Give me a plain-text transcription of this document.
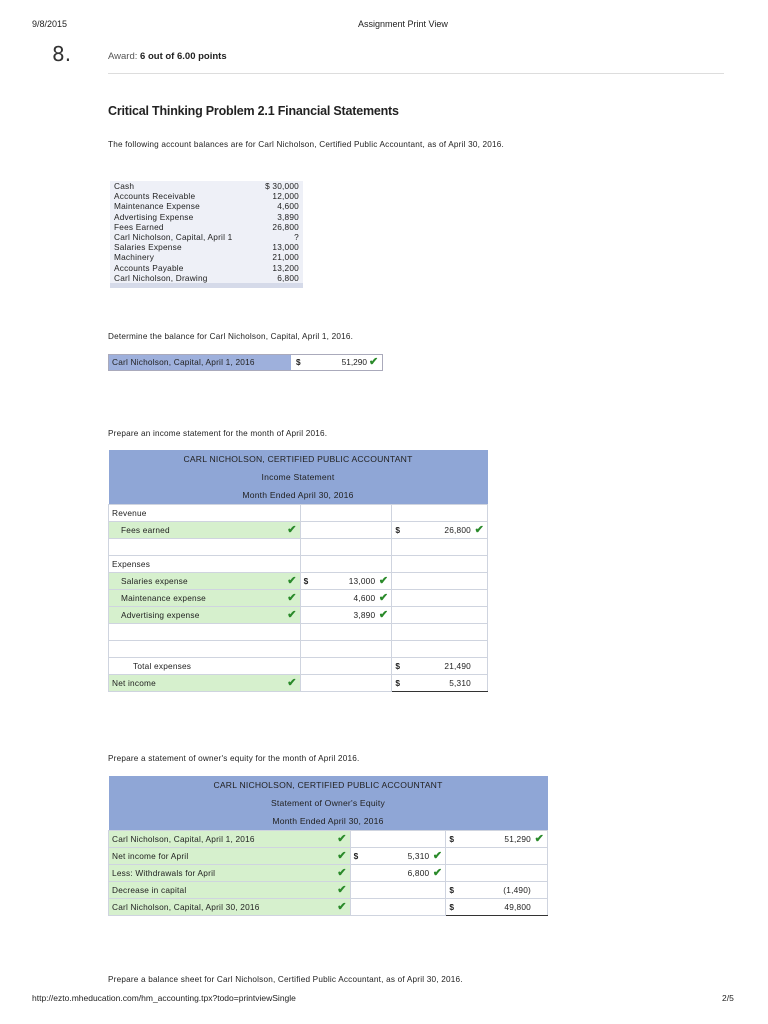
9/8/2015	Assignment Print View
8.	Award: 6 out of 6.00 points
Critical Thinking Problem 2.1 Financial Statements
The following account balances are for Carl Nicholson, Certified Public Accountant, as of April 30, 2016.
Cash	$ 30,000
Accounts Receivable	12,000
Maintenance Expense	4,600
Advertising Expense	3,890
Fees Earned	26,800
Carl Nicholson, Capital, April 1	?
Salaries Expense	13,000
Machinery	21,000
Accounts Payable	13,200
Carl Nicholson, Drawing	6,800
Determine the balance for Carl Nicholson, Capital, April 1, 2016.
Carl Nicholson, Capital, April 1, 2016	$	51,290 ✔
Prepare an income statement for the month of April 2016.
CARL NICHOLSON, CERTIFIED PUBLIC ACCOUNTANT		
Income Statement		
Month Ended April 30, 2016		
Revenue		
Fees earned ✔		$ 26,800 ✔

Expenses		
Salaries expense ✔	$ 13,000 ✔	

Maintenance expense ✔	4,600 ✔	

Advertising expense ✔	3,890 ✔	

Total expenses		$ 21,490

Net income ✔		$ 5,310
Prepare a statement of owner's equity for the month of April 2016.
CARL NICHOLSON, CERTIFIED PUBLIC ACCOUNTANT		
Statement of Owner's Equity		
Month Ended April 30, 2016		
Carl Nicholson, Capital, April 1, 2016 ✔		$ 51,290 ✔

Net income for April ✔	$ 5,310 ✔	

Less: Withdrawals for April ✔	6,800 ✔	

Decrease in capital ✔		$ (1,490)

Carl Nicholson, Capital, April 30, 2016 ✔		$ 49,800
Prepare a balance sheet for Carl Nicholson, Certified Public Accountant, as of April 30, 2016.
http://ezto.mheducation.com/hm_accounting.tpx?todo=printviewSingle	2/5
